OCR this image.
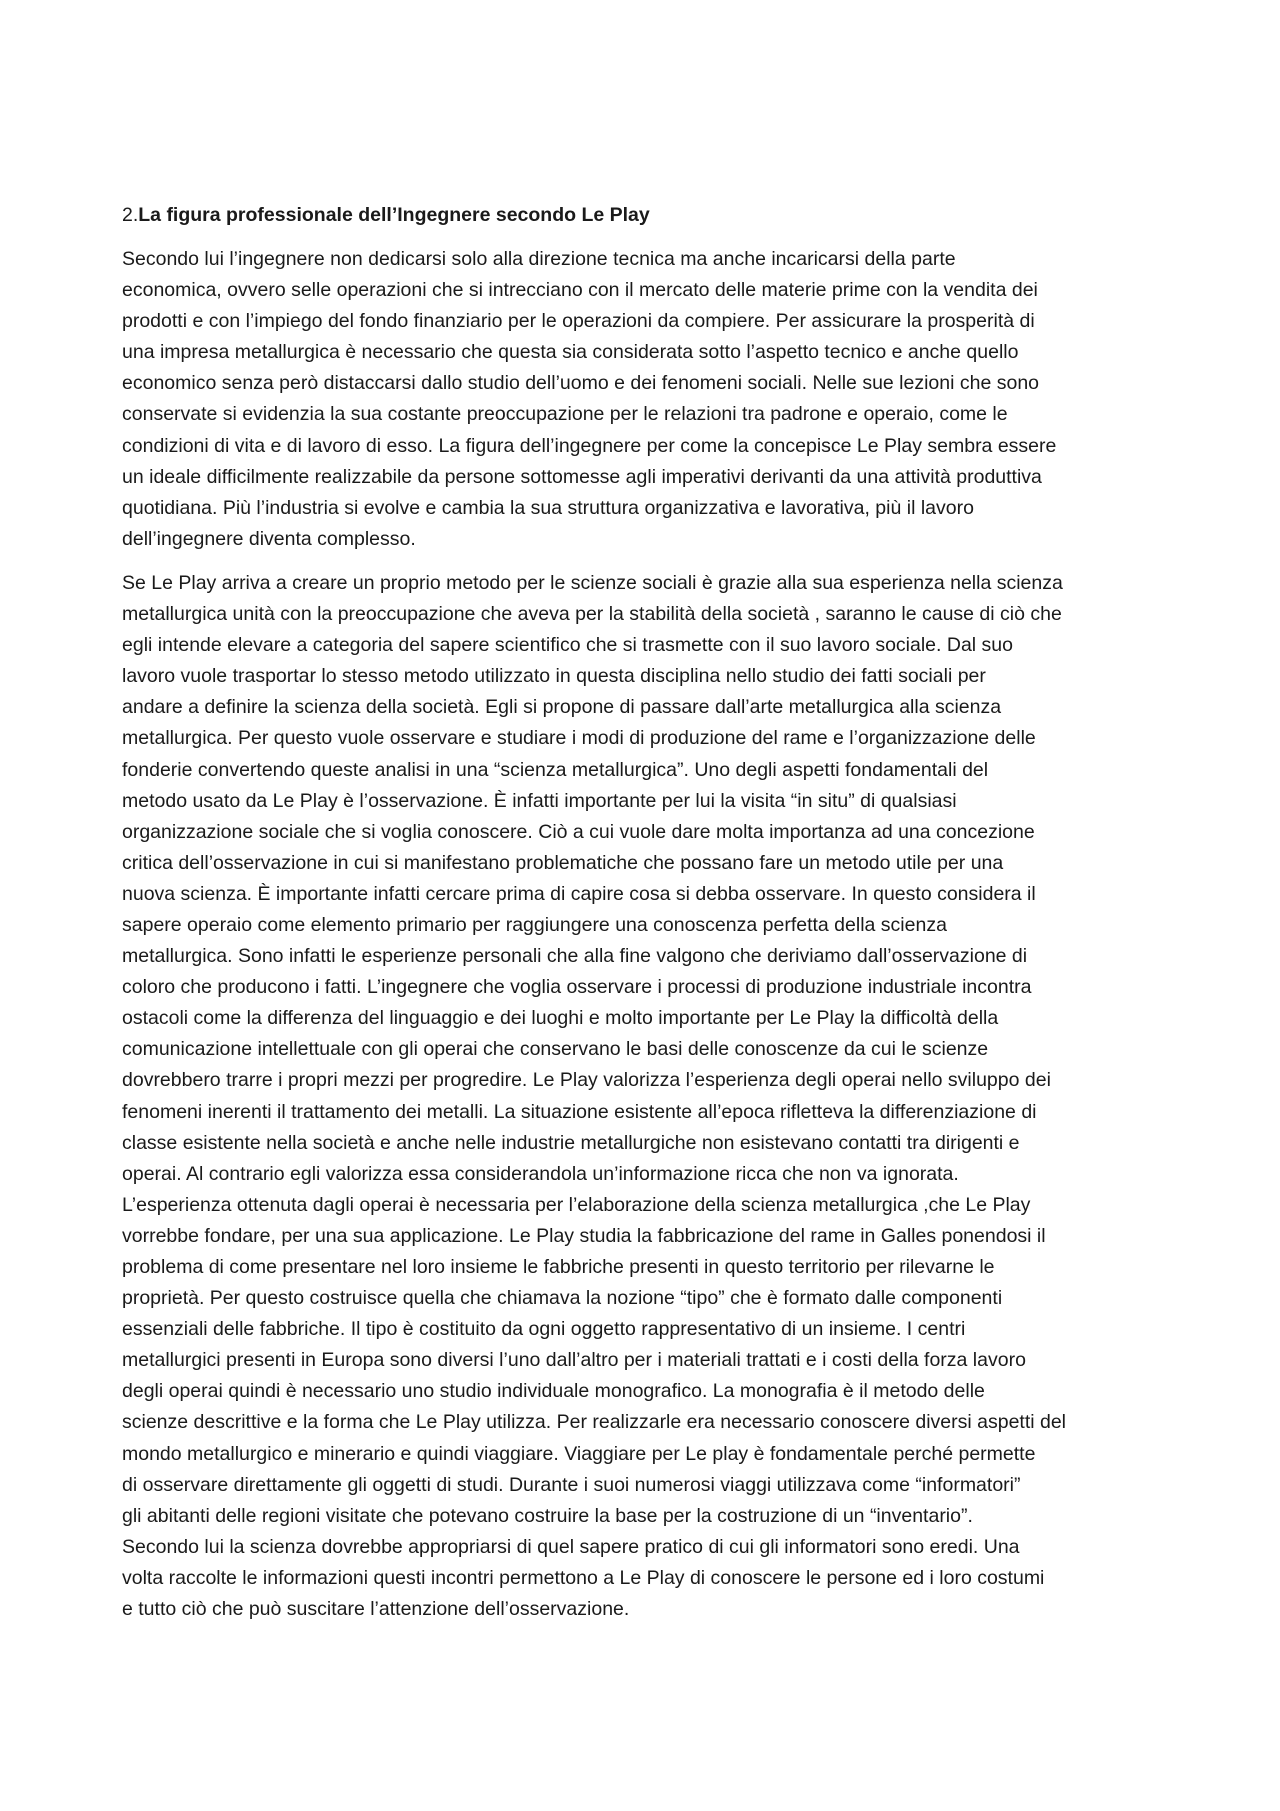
2.La figura professionale dell’Ingegnere secondo Le Play
Secondo lui l’ingegnere non dedicarsi solo alla direzione tecnica ma anche incaricarsi della parte
economica, ovvero selle operazioni che si intrecciano con il mercato delle materie prime con la vendita dei
prodotti e con l’impiego del fondo finanziario per le operazioni da compiere. Per assicurare la prosperità di
una impresa metallurgica è necessario che questa sia considerata sotto l’aspetto tecnico e anche quello
economico senza però distaccarsi dallo studio dell’uomo e dei fenomeni sociali. Nelle sue lezioni che sono
conservate si evidenzia la sua costante preoccupazione per le relazioni tra padrone e operaio, come le
condizioni di vita e di lavoro di esso. La figura dell’ingegnere per come la concepisce Le Play sembra essere
un ideale difficilmente realizzabile da persone sottomesse agli imperativi derivanti da una attività produttiva
quotidiana. Più l’industria si evolve e cambia la sua struttura organizzativa e lavorativa, più il lavoro
dell’ingegnere diventa complesso.
Se Le Play arriva a creare un proprio metodo per le scienze sociali è grazie alla sua esperienza nella scienza
metallurgica unità con la preoccupazione che aveva per la stabilità della società , saranno le cause di ciò che
egli intende elevare a categoria del sapere scientifico che si trasmette con il suo lavoro sociale. Dal suo
lavoro vuole trasportar lo stesso metodo utilizzato in questa disciplina nello studio dei fatti sociali per
andare a definire la scienza della società. Egli si propone di passare dall’arte metallurgica alla scienza
metallurgica. Per questo vuole osservare e studiare i modi di produzione del rame e l’organizzazione delle
fonderie convertendo queste analisi in una “scienza metallurgica”. Uno degli aspetti fondamentali del
metodo usato da Le Play è l’osservazione. È infatti importante per lui la visita “in situ” di qualsiasi
organizzazione sociale che si voglia conoscere. Ciò a cui vuole dare molta importanza ad una concezione
critica dell’osservazione in cui si manifestano problematiche che possano fare un metodo utile per una
nuova scienza. È importante infatti cercare prima di capire cosa si debba osservare. In questo considera il
sapere operaio come elemento primario per raggiungere una conoscenza perfetta della scienza
metallurgica. Sono infatti le esperienze personali che alla fine valgono che deriviamo dall’osservazione di
coloro che producono i fatti. L’ingegnere che voglia osservare i processi di produzione industriale incontra
ostacoli come la differenza del linguaggio e dei luoghi e molto importante per Le Play la difficoltà della
comunicazione intellettuale con gli operai che conservano le basi delle conoscenze da cui le scienze
dovrebbero trarre i propri mezzi per progredire. Le Play valorizza l’esperienza degli operai nello sviluppo dei
fenomeni inerenti il trattamento dei metalli. La situazione esistente all’epoca rifletteva la differenziazione di
classe esistente nella società e anche nelle industrie metallurgiche non esistevano contatti tra dirigenti e
operai. Al contrario egli valorizza essa considerandola un’informazione ricca che non va ignorata.
L’esperienza ottenuta dagli operai è necessaria per l’elaborazione della scienza metallurgica ,che Le Play
vorrebbe fondare, per una sua applicazione. Le Play studia la fabbricazione del rame in Galles ponendosi il
problema di come presentare nel loro insieme le fabbriche presenti in questo territorio per rilevarne le
proprietà. Per questo costruisce quella che chiamava la nozione “tipo” che è formato dalle componenti
essenziali delle fabbriche. Il tipo è costituito da ogni oggetto rappresentativo di un insieme. I centri
metallurgici presenti in Europa sono diversi l’uno dall’altro per i materiali trattati e i costi della forza lavoro
degli operai quindi è necessario uno studio individuale monografico. La monografia è il metodo delle
scienze descrittive e la forma che Le Play utilizza. Per realizzarle era necessario conoscere diversi aspetti del
mondo metallurgico e minerario e quindi viaggiare. Viaggiare per Le play è fondamentale perché permette
di osservare direttamente gli oggetti di studi. Durante i suoi numerosi viaggi utilizzava come “informatori”
gli abitanti delle regioni visitate che potevano costruire la base per la costruzione di un “inventario”.
Secondo lui la scienza dovrebbe appropriarsi di quel sapere pratico di cui gli informatori sono eredi. Una
volta raccolte le informazioni questi incontri permettono a Le Play di conoscere le persone ed i loro costumi
e tutto ciò che può suscitare l’attenzione dell’osservazione.
